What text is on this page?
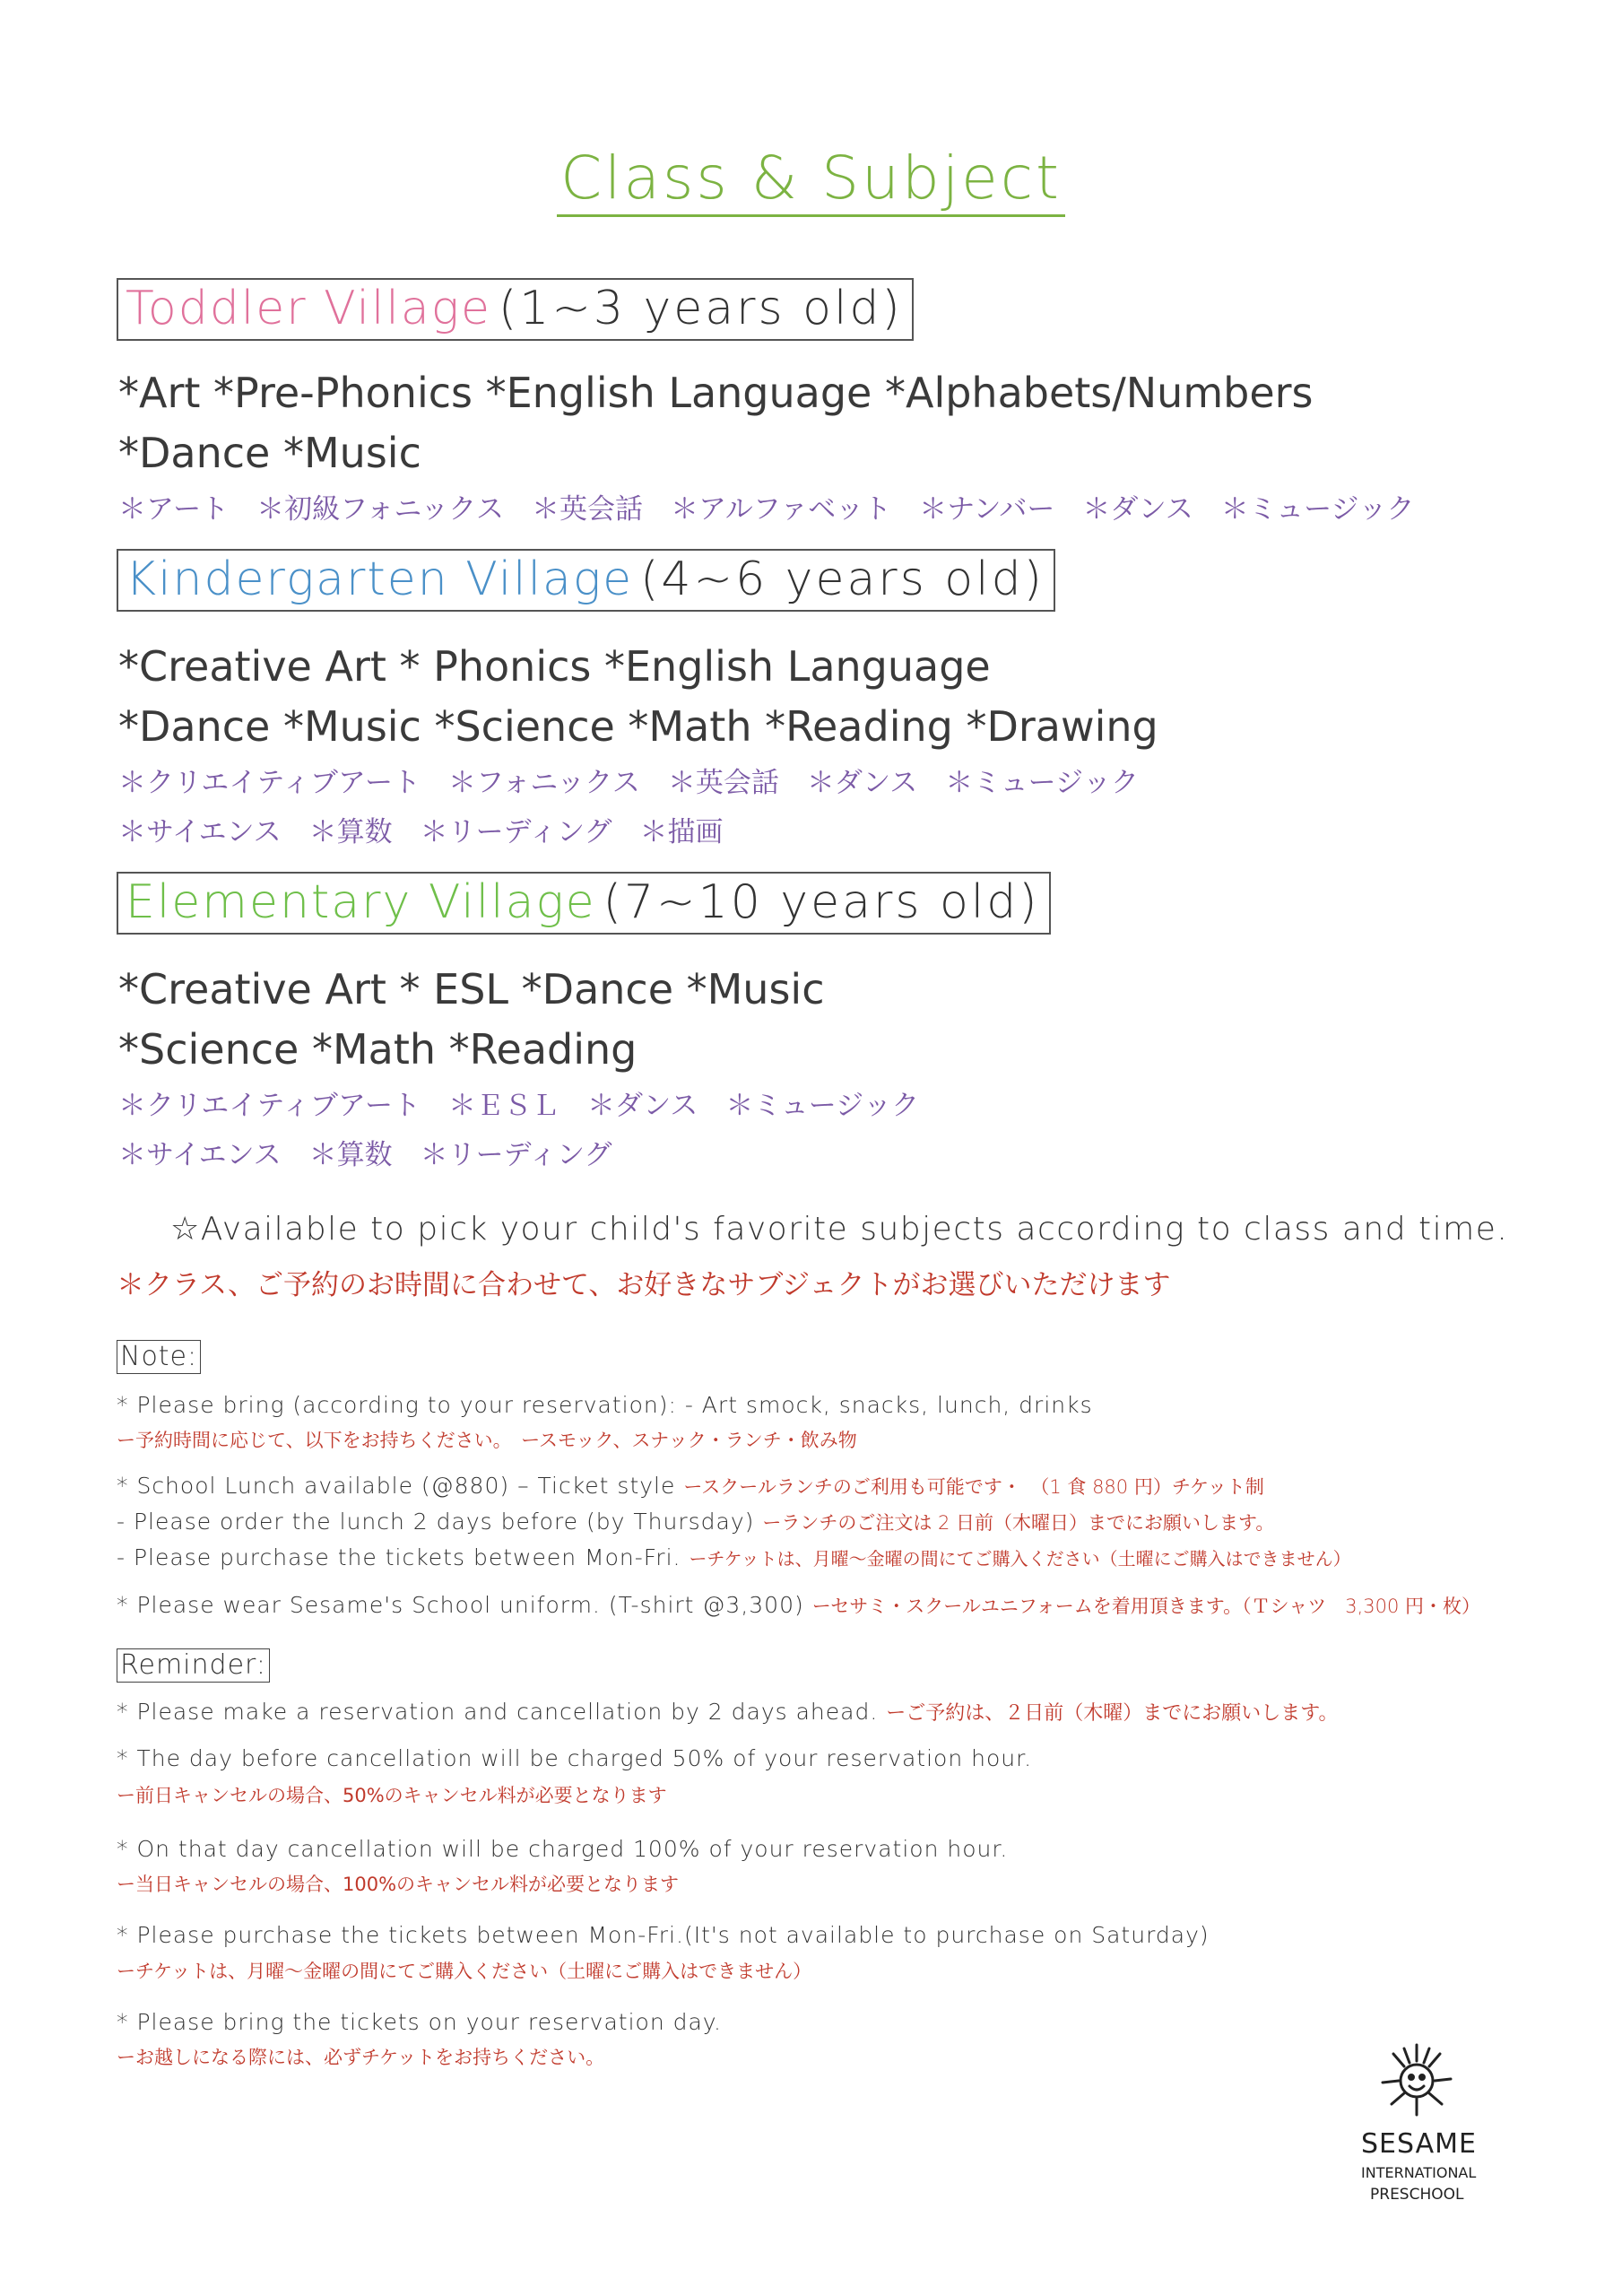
Class & Subject
Toddler Village (1~3 years old)
*Art *Pre-Phonics *English Language *Alphabets/Numbers
*Dance *Music
＊アート　＊初級フォニックス　＊英会話　＊アルファベット　＊ナンバー　＊ダンス　＊ミュージック
Kindergarten Village (4~6 years old)
*Creative Art * Phonics *English Language
*Dance *Music *Science *Math *Reading *Drawing
＊クリエイティブアート　＊フォニックス　＊英会話　＊ダンス　＊ミュージック
＊サイエンス　＊算数　＊リーディング　＊描画
Elementary Village (7~10 years old)
*Creative Art * ESL *Dance *Music
*Science *Math *Reading
＊クリエイティブアート　＊ＥＳＬ　＊ダンス　＊ミュージック
＊サイエンス　＊算数　＊リーディング
☆Available to pick your child's favorite subjects according to class and time.
＊クラス、ご予約のお時間に合わせて、お好きなサブジェクトがお選びいただけます
Note:
* Please bring (according to your reservation): - Art smock, snacks, lunch, drinks
ー予約時間に応じて、以下をお持ちください。　ースモック、スナック・ランチ・飲み物
* School Lunch available (@880) – Ticket style ースクールランチのご利用も可能です・　（1 食 880 円）チケット制
- Please order the lunch 2 days before (by Thursday) ーランチのご注文は 2 日前（木曜日）までにお願いします。
- Please purchase the tickets between Mon-Fri. ーチケットは、月曜～金曜の間にてご購入ください（土曜にご購入はできません）
* Please wear Sesame's School uniform. (T-shirt @3,300) ーセサミ・スクールユニフォームを着用頂きます。（Ｔシャツ　3,300 円・枚）
Reminder:
* Please make a reservation and cancellation by 2 days ahead. ーご予約は、２日前（木曜）までにお願いします。
* The day before cancellation will be charged 50% of your reservation hour.
ー前日キャンセルの場合、50%のキャンセル料が必要となります
* On that day cancellation will be charged 100% of your reservation hour.
ー当日キャンセルの場合、100%のキャンセル料が必要となります
* Please purchase the tickets between Mon-Fri.(It's not available to purchase on Saturday)
ーチケットは、月曜～金曜の間にてご購入ください（土曜にご購入はできません）
* Please bring the tickets on your reservation day.
ーお越しになる際には、必ずチケットをお持ちください。
SESAME
INTERNATIONAL
PRESCHOOL
